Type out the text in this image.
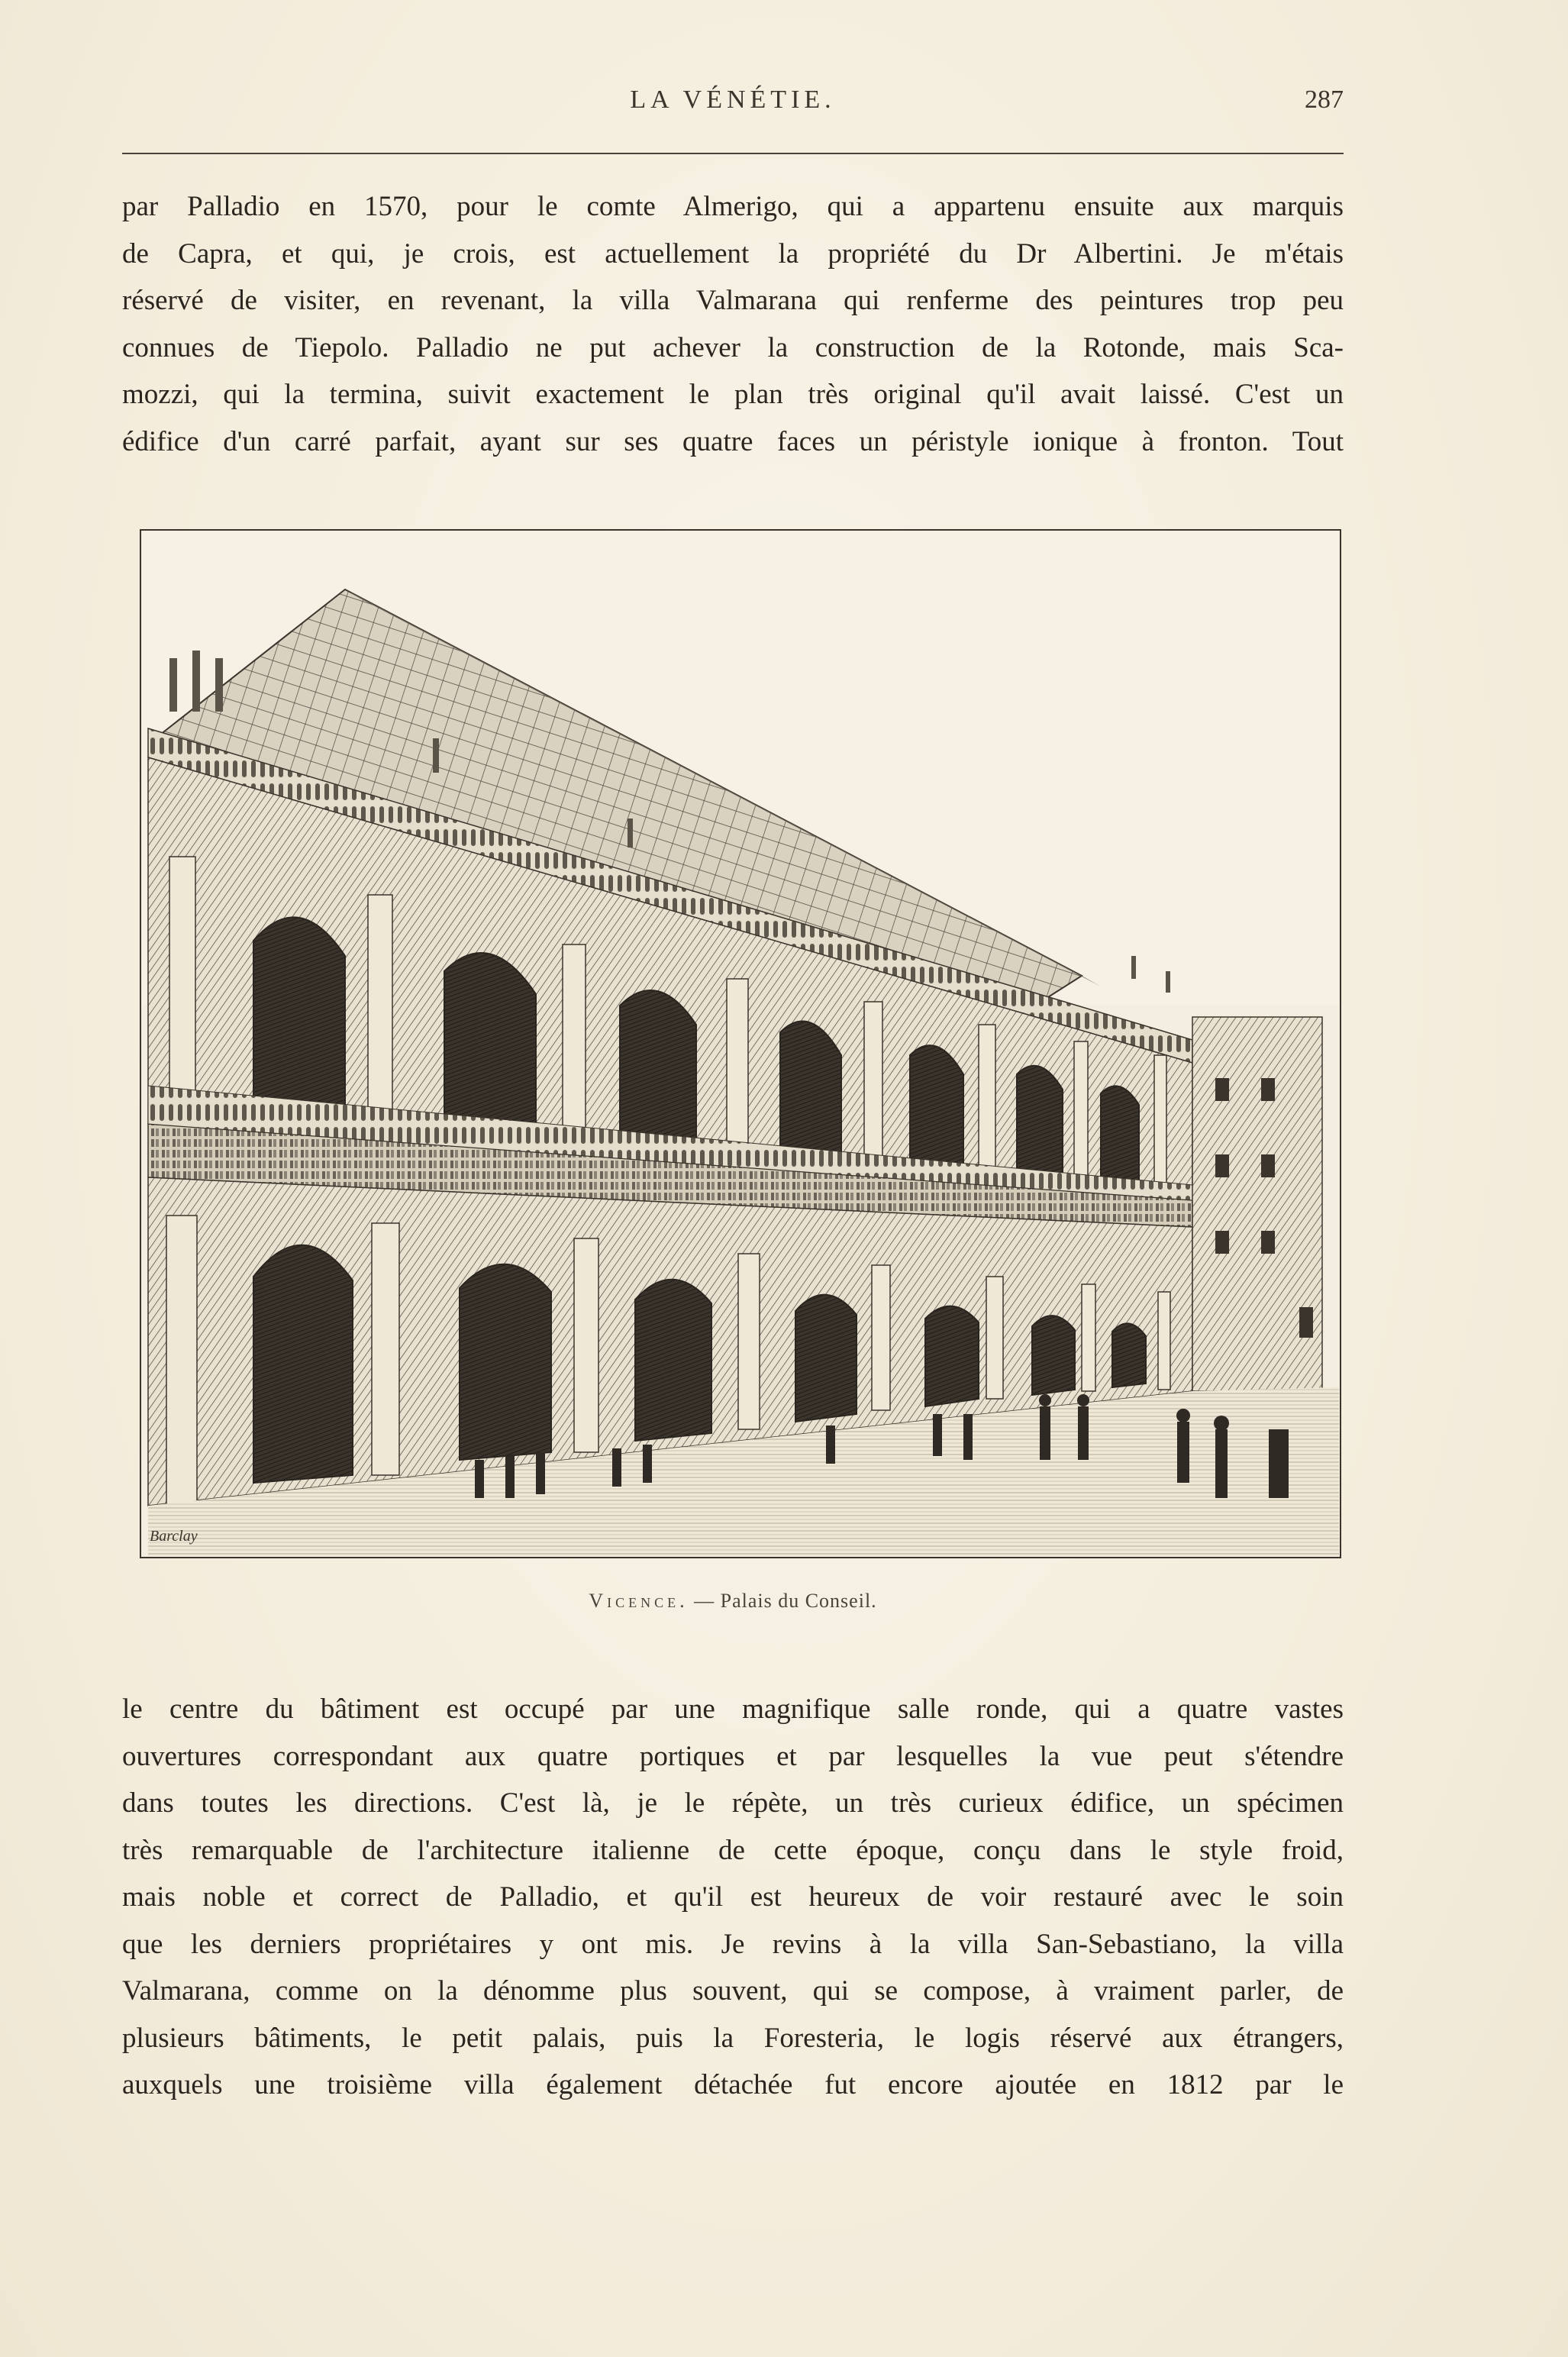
LA VÉNÉTIE.	287
par Palladio en 1570, pour le comte Almerigo, qui a appartenu ensuite aux marquis
de Capra, et qui, je crois, est actuellement la propriété du Dr Albertini. Je m'étais
réservé de visiter, en revenant, la villa Valmarana qui renferme des peintures trop peu
connues de Tiepolo. Palladio ne put achever la construction de la Rotonde, mais Sca-
mozzi, qui la termina, suivit exactement le plan très original qu'il avait laissé. C'est un
édifice d'un carré parfait, ayant sur ses quatre faces un péristyle ionique à fronton. Tout
Barclay
Vicence. — Palais du Conseil.
le centre du bâtiment est occupé par une magnifique salle ronde, qui a quatre vastes
ouvertures correspondant aux quatre portiques et par lesquelles la vue peut s'étendre
dans toutes les directions. C'est là, je le répète, un très curieux édifice, un spécimen
très remarquable de l'architecture italienne de cette époque, conçu dans le style froid,
mais noble et correct de Palladio, et qu'il est heureux de voir restauré avec le soin
que les derniers propriétaires y ont mis. Je revins à la villa San-Sebastiano, la villa
Valmarana, comme on la dénomme plus souvent, qui se compose, à vraiment parler, de
plusieurs bâtiments, le petit palais, puis la Foresteria, le logis réservé aux étrangers,
auxquels une troisième villa également détachée fut encore ajoutée en 1812 par le
